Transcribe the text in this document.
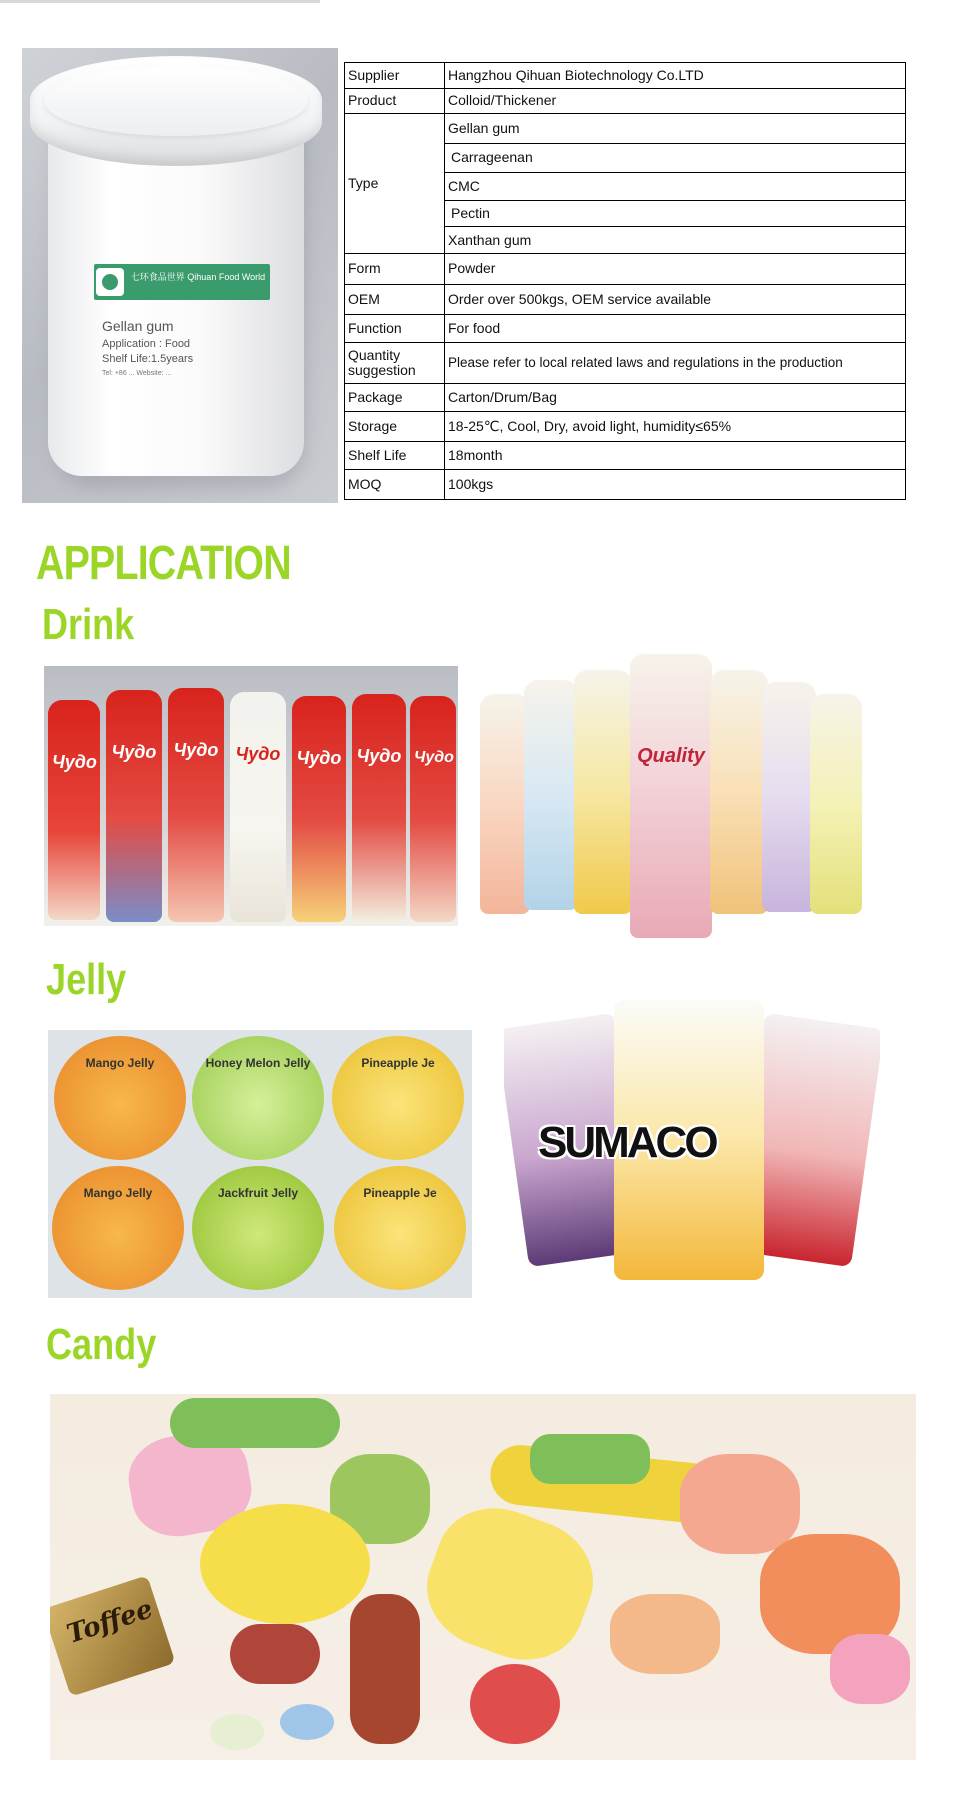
七环食品世界 Qihuan Food World
Gellan gum
Application : Food
Shelf Life:1.5years
Tel: +86 ... Website: ...
Supplier	Hangzhou Qihuan Biotechnology Co.LTD
Product	Colloid/Thickener
Type	Gellan gum
	Carrageenan
	CMC
	Pectin
	Xanthan gum
Form	Powder
OEM	Order over 500kgs, OEM service available
Function	For food
Quantity suggestion	Please refer to local related laws and regulations in the production
Package	Carton/Drum/Bag
Storage	18-25℃, Cool, Dry, avoid light, humidity≤65%
Shelf Life	18month
MOQ	100kgs
APPLICATION
Drink
Чудо Чудо Чудо Чудо Чудо Чудо Чудо	Quality
Jelly
Mango Jelly	Honey Melon Jelly	Pineapple Je
Mango Jelly	Jackfruit Jelly	Pineapple Je
SUMACO
Candy
Toffee
